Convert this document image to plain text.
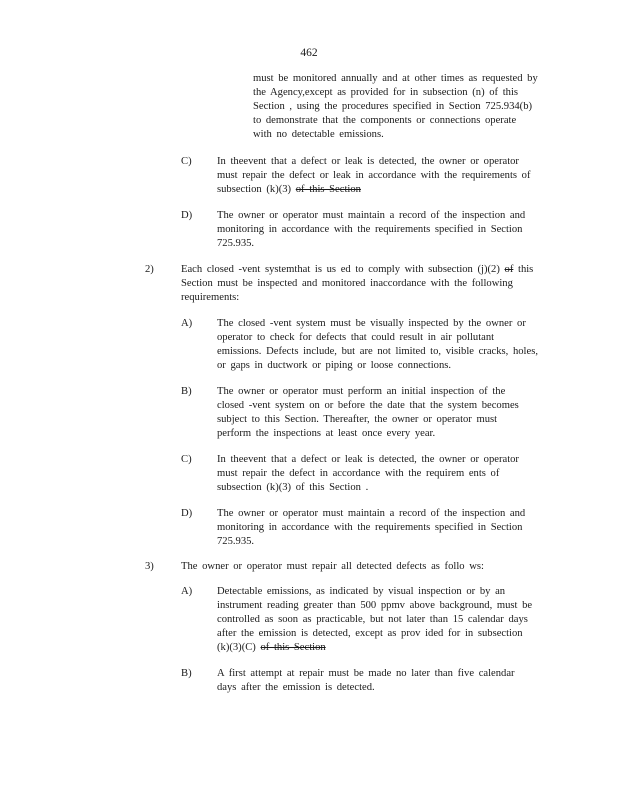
462
must be monitored annually and at other times as requested by the Agency,except as provided for in subsection (n) of this Section , using the procedures specified in Section 725.934(b) to demonstrate that the components or connections operate with no detectable emissions.
C) In theevent that a defect or leak is detected, the owner or operator must repair the defect or leak in accordance with the requirements of subsection (k)(3) of this Section
D) The owner or operator must maintain a record of the inspection and monitoring in accordance with the requirements specified in Section 725.935.
2)	Each closed -vent systemthat is us ed to comply with subsection (j)(2) of this Section must be inspected and monitored inaccordance with the following requirements:
A) The closed -vent system must be visually inspected by the owner or operator to check for defects that could result in air pollutant emissions. Defects include, but are not limited to, visible cracks, holes, or gaps in ductwork or piping or loose connections.
B) The owner or operator must perform an initial inspection of the closed -vent system on or before the date that the system becomes subject to this Section. Thereafter, the owner or operator must perform the inspections at least once every year.
C) In theevent that a defect or leak is detected, the owner or operator must repair the defect in accordance with the requirem ents of subsection (k)(3) of this Section .
D) The owner or operator must maintain a record of the inspection and monitoring in accordance with the requirements specified in Section 725.935.
3)	The owner or operator must repair all detected defects as follo ws:
A) Detectable emissions, as indicated by visual inspection or by an instrument reading greater than 500 ppmv above background, must be controlled as soon as practicable, but not later than 15 calendar days after the emission is detected, except as prov ided for in subsection (k)(3)(C) of this Section
B) A first attempt at repair must be made no later than five calendar days after the emission is detected.
